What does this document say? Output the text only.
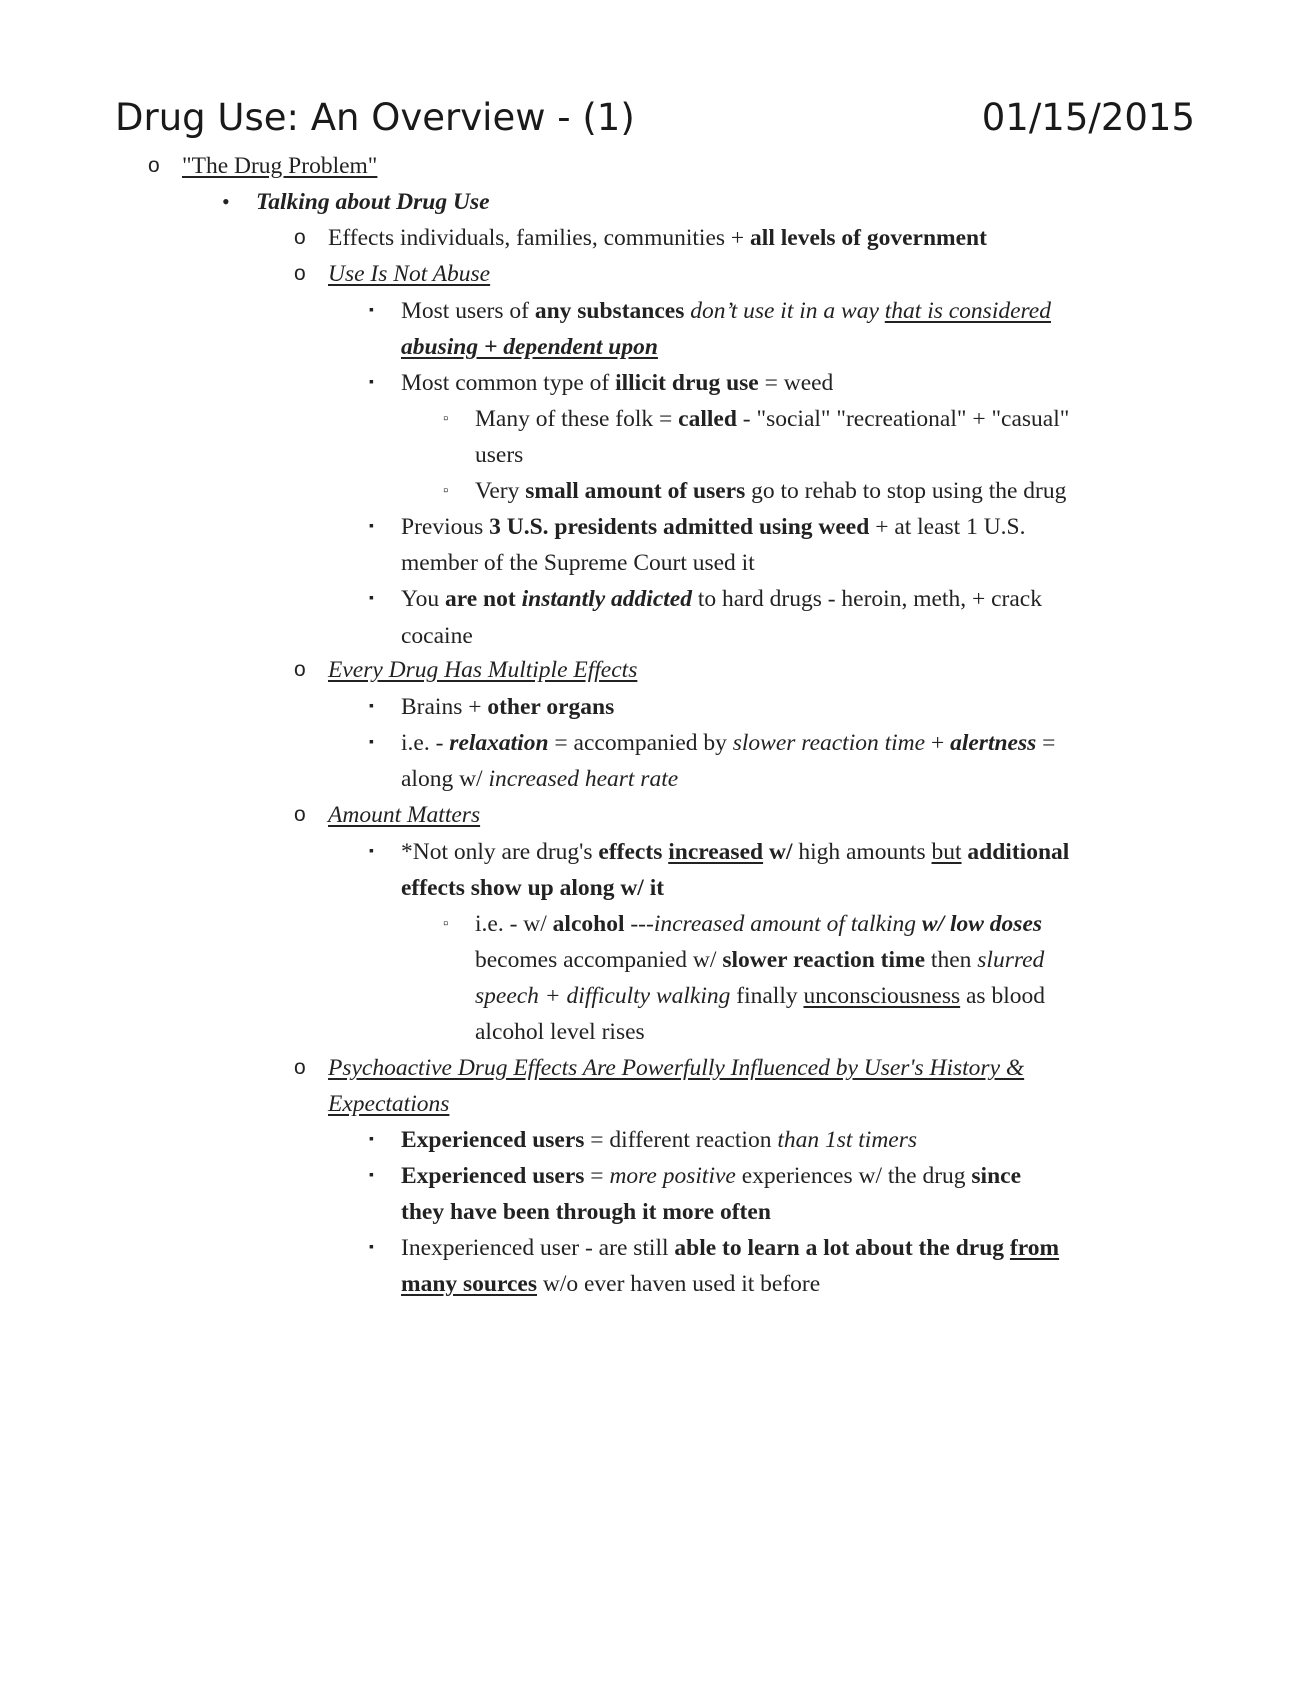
Drug Use: An Overview - (1)	01/15/2015
o "The Drug Problem"
• Talking about Drug Use
o Effects individuals, families, communities + all levels of government
o Use Is Not Abuse
▪ Most users of any substances don’t use it in a way that is considered
abusing + dependent upon
▪ Most common type of illicit drug use = weed
▫ Many of these folk = called - "social" "recreational" + "casual"
users
▫ Very small amount of users go to rehab to stop using the drug
▪ Previous 3 U.S. presidents admitted using weed + at least 1 U.S.
member of the Supreme Court used it
▪ You are not instantly addicted to hard drugs - heroin, meth, + crack
cocaine
o Every Drug Has Multiple Effects
▪ Brains + other organs
▪ i.e. - relaxation = accompanied by slower reaction time + alertness =
along w/ increased heart rate
o Amount Matters
▪ *Not only are drug's effects increased w/ high amounts but additional
effects show up along w/ it
▫ i.e. - w/ alcohol ---increased amount of talking w/ low doses
becomes accompanied w/ slower reaction time then slurred
speech + difficulty walking finally unconsciousness as blood
alcohol level rises
o Psychoactive Drug Effects Are Powerfully Influenced by User's History &
Expectations
▪ Experienced users = different reaction than 1st timers
▪ Experienced users = more positive experiences w/ the drug since
they have been through it more often
▪ Inexperienced user - are still able to learn a lot about the drug from
many sources w/o ever haven used it before
